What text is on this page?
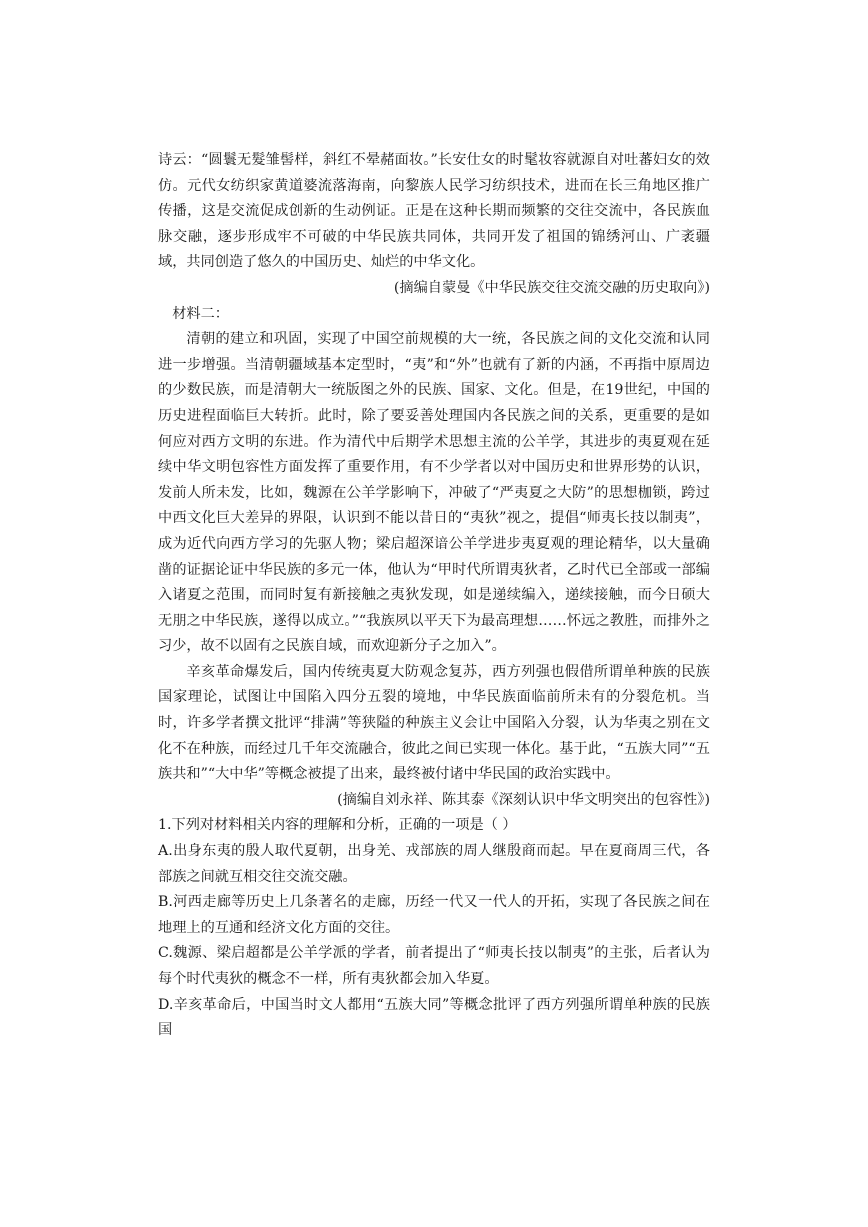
诗云：“圆鬟无髮雏髻样，斜红不晕赭面妆。”长安仕女的时髦妆容就源自对吐蕃妇女的效仿。元代女纺织家黄道婆流落海南，向黎族人民学习纺织技术，进而在长三角地区推广传播，这是交流促成创新的生动例证。正是在这种长期而频繁的交往交流中，各民族血脉交融，逐步形成牢不可破的中华民族共同体，共同开发了祖国的锦绣河山、广袤疆域，共同创造了悠久的中国历史、灿烂的中华文化。

(摘编自蒙曼《中华民族交往交流交融的历史取向》)

材料二：

清朝的建立和巩固，实现了中国空前规模的大一统，各民族之间的文化交流和认同进一步增强。当清朝疆域基本定型时，“夷”和“外”也就有了新的内涵，不再指中原周边的少数民族，而是清朝大一统版图之外的民族、国家、文化。但是，在19世纪，中国的历史进程面临巨大转折。此时，除了要妥善处理国内各民族之间的关系，更重要的是如何应对西方文明的东进。作为清代中后期学术思想主流的公羊学，其进步的夷夏观在延续中华文明包容性方面发挥了重要作用，有不少学者以对中国历史和世界形势的认识，发前人所未发，比如，魏源在公羊学影响下，冲破了“严夷夏之大防”的思想枷锁，跨过中西文化巨大差异的界限，认识到不能以昔日的“夷狄”视之，提倡“师夷长技以制夷”，成为近代向西方学习的先驱人物；梁启超深谙公羊学进步夷夏观的理论精华，以大量确凿的证据论证中华民族的多元一体，他认为“甲时代所谓夷狄者，乙时代已全部或一部编入诸夏之范围，而同时复有新接触之夷狄发现，如是递续编入，递续接触，而今日硕大无朋之中华民族，遂得以成立。”“我族夙以平天下为最高理想……怀远之教胜，而排外之习少，故不以固有之民族自域，而欢迎新分子之加入”。

辛亥革命爆发后，国内传统夷夏大防观念复苏，西方列强也假借所谓单种族的民族国家理论，试图让中国陷入四分五裂的境地，中华民族面临前所未有的分裂危机。当时，许多学者撰文批评“排满”等狭隘的种族主义会让中国陷入分裂，认为华夷之别在文化不在种族，而经过几千年交流融合，彼此之间已实现一体化。基于此，“五族大同”“五族共和”“大中华”等概念被提了出来，最终被付诸中华民国的政治实践中。

(摘编自刘永祥、陈其泰《深刻认识中华文明突出的包容性》)

1.下列对材料相关内容的理解和分析，正确的一项是（ ）

A.出身东夷的殷人取代夏朝，出身羌、戎部族的周人继殷商而起。早在夏商周三代，各部族之间就互相交往交流交融。

B.河西走廊等历史上几条著名的走廊，历经一代又一代人的开拓，实现了各民族之间在地理上的互通和经济文化方面的交往。

C.魏源、梁启超都是公羊学派的学者，前者提出了“师夷长技以制夷”的主张，后者认为每个时代夷狄的概念不一样，所有夷狄都会加入华夏。

D.辛亥革命后，中国当时文人都用“五族大同”等概念批评了西方列强所谓单种族的民族国
